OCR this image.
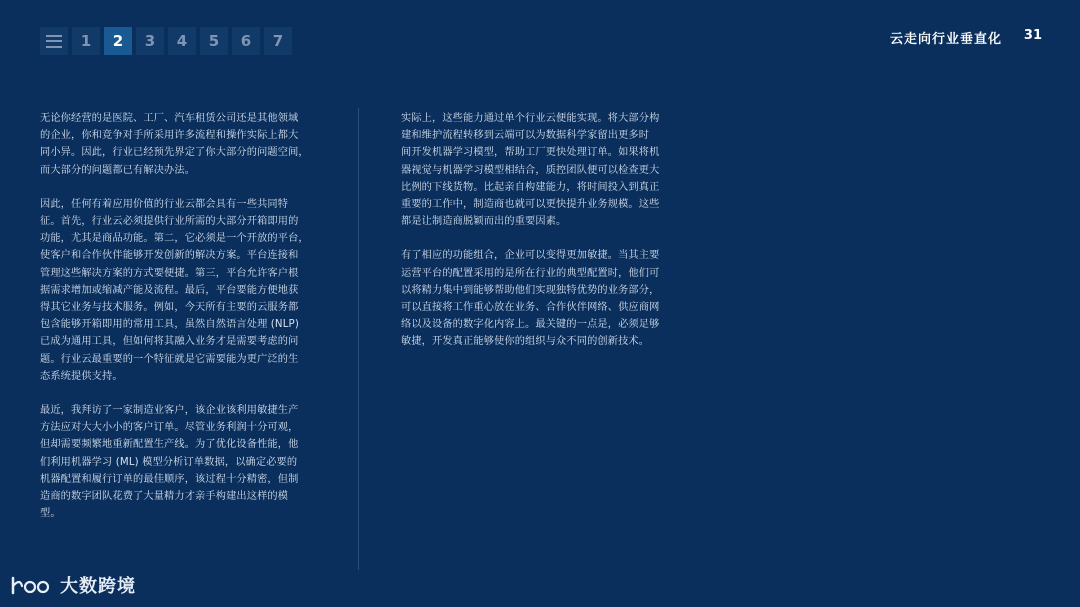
1	2	3	4	5	6	7	云走向行业垂直化 31

无论你经营的是医院、工厂、汽车租赁公司还是其他领域
的企业，你和竞争对手所采用许多流程和操作实际上都大
同小异。因此，行业已经预先界定了你大部分的问题空间，
而大部分的问题都已有解决办法。

因此，任何有着应用价值的行业云都会具有一些共同特
征。首先，行业云必须提供行业所需的大部分开箱即用的
功能，尤其是商品功能。第二，它必须是一个开放的平台，
使客户和合作伙伴能够开发创新的解决方案。平台连接和
管理这些解决方案的方式要便捷。第三，平台允许客户根
据需求增加或缩减产能及流程。最后，平台要能方便地获
得其它业务与技术服务。例如，今天所有主要的云服务都
包含能够开箱即用的常用工具，虽然自然语言处理 (NLP)
已成为通用工具，但如何将其融入业务才是需要考虑的问
题。行业云最重要的一个特征就是它需要能为更广泛的生
态系统提供支持。

最近，我拜访了一家制造业客户，该企业该利用敏捷生产
方法应对大大小小的客户订单。尽管业务利润十分可观，
但却需要频繁地重新配置生产线。为了优化设备性能，他
们利用机器学习 (ML) 模型分析订单数据，以确定必要的
机器配置和履行订单的最佳顺序，该过程十分精密，但制
造商的数字团队花费了大量精力才亲手构建出这样的模
型。

实际上，这些能力通过单个行业云便能实现。将大部分构
建和维护流程转移到云端可以为数据科学家留出更多时
间开发机器学习模型，帮助工厂更快处理订单。如果将机
器视觉与机器学习模型相结合，质控团队便可以检查更大
比例的下线货物。比起亲自构建能力，将时间投入到真正
重要的工作中，制造商也就可以更快提升业务规模。这些
都是让制造商脱颖而出的重要因素。

有了相应的功能组合，企业可以变得更加敏捷。当其主要
运营平台的配置采用的是所在行业的典型配置时，他们可
以将精力集中到能够帮助他们实现独特优势的业务部分，
可以直接将工作重心放在业务、合作伙伴网络、供应商网
络以及设备的数字化内容上。最关键的一点是，必须足够
敏捷，开发真正能够使你的组织与众不同的创新技术。

大数跨境
